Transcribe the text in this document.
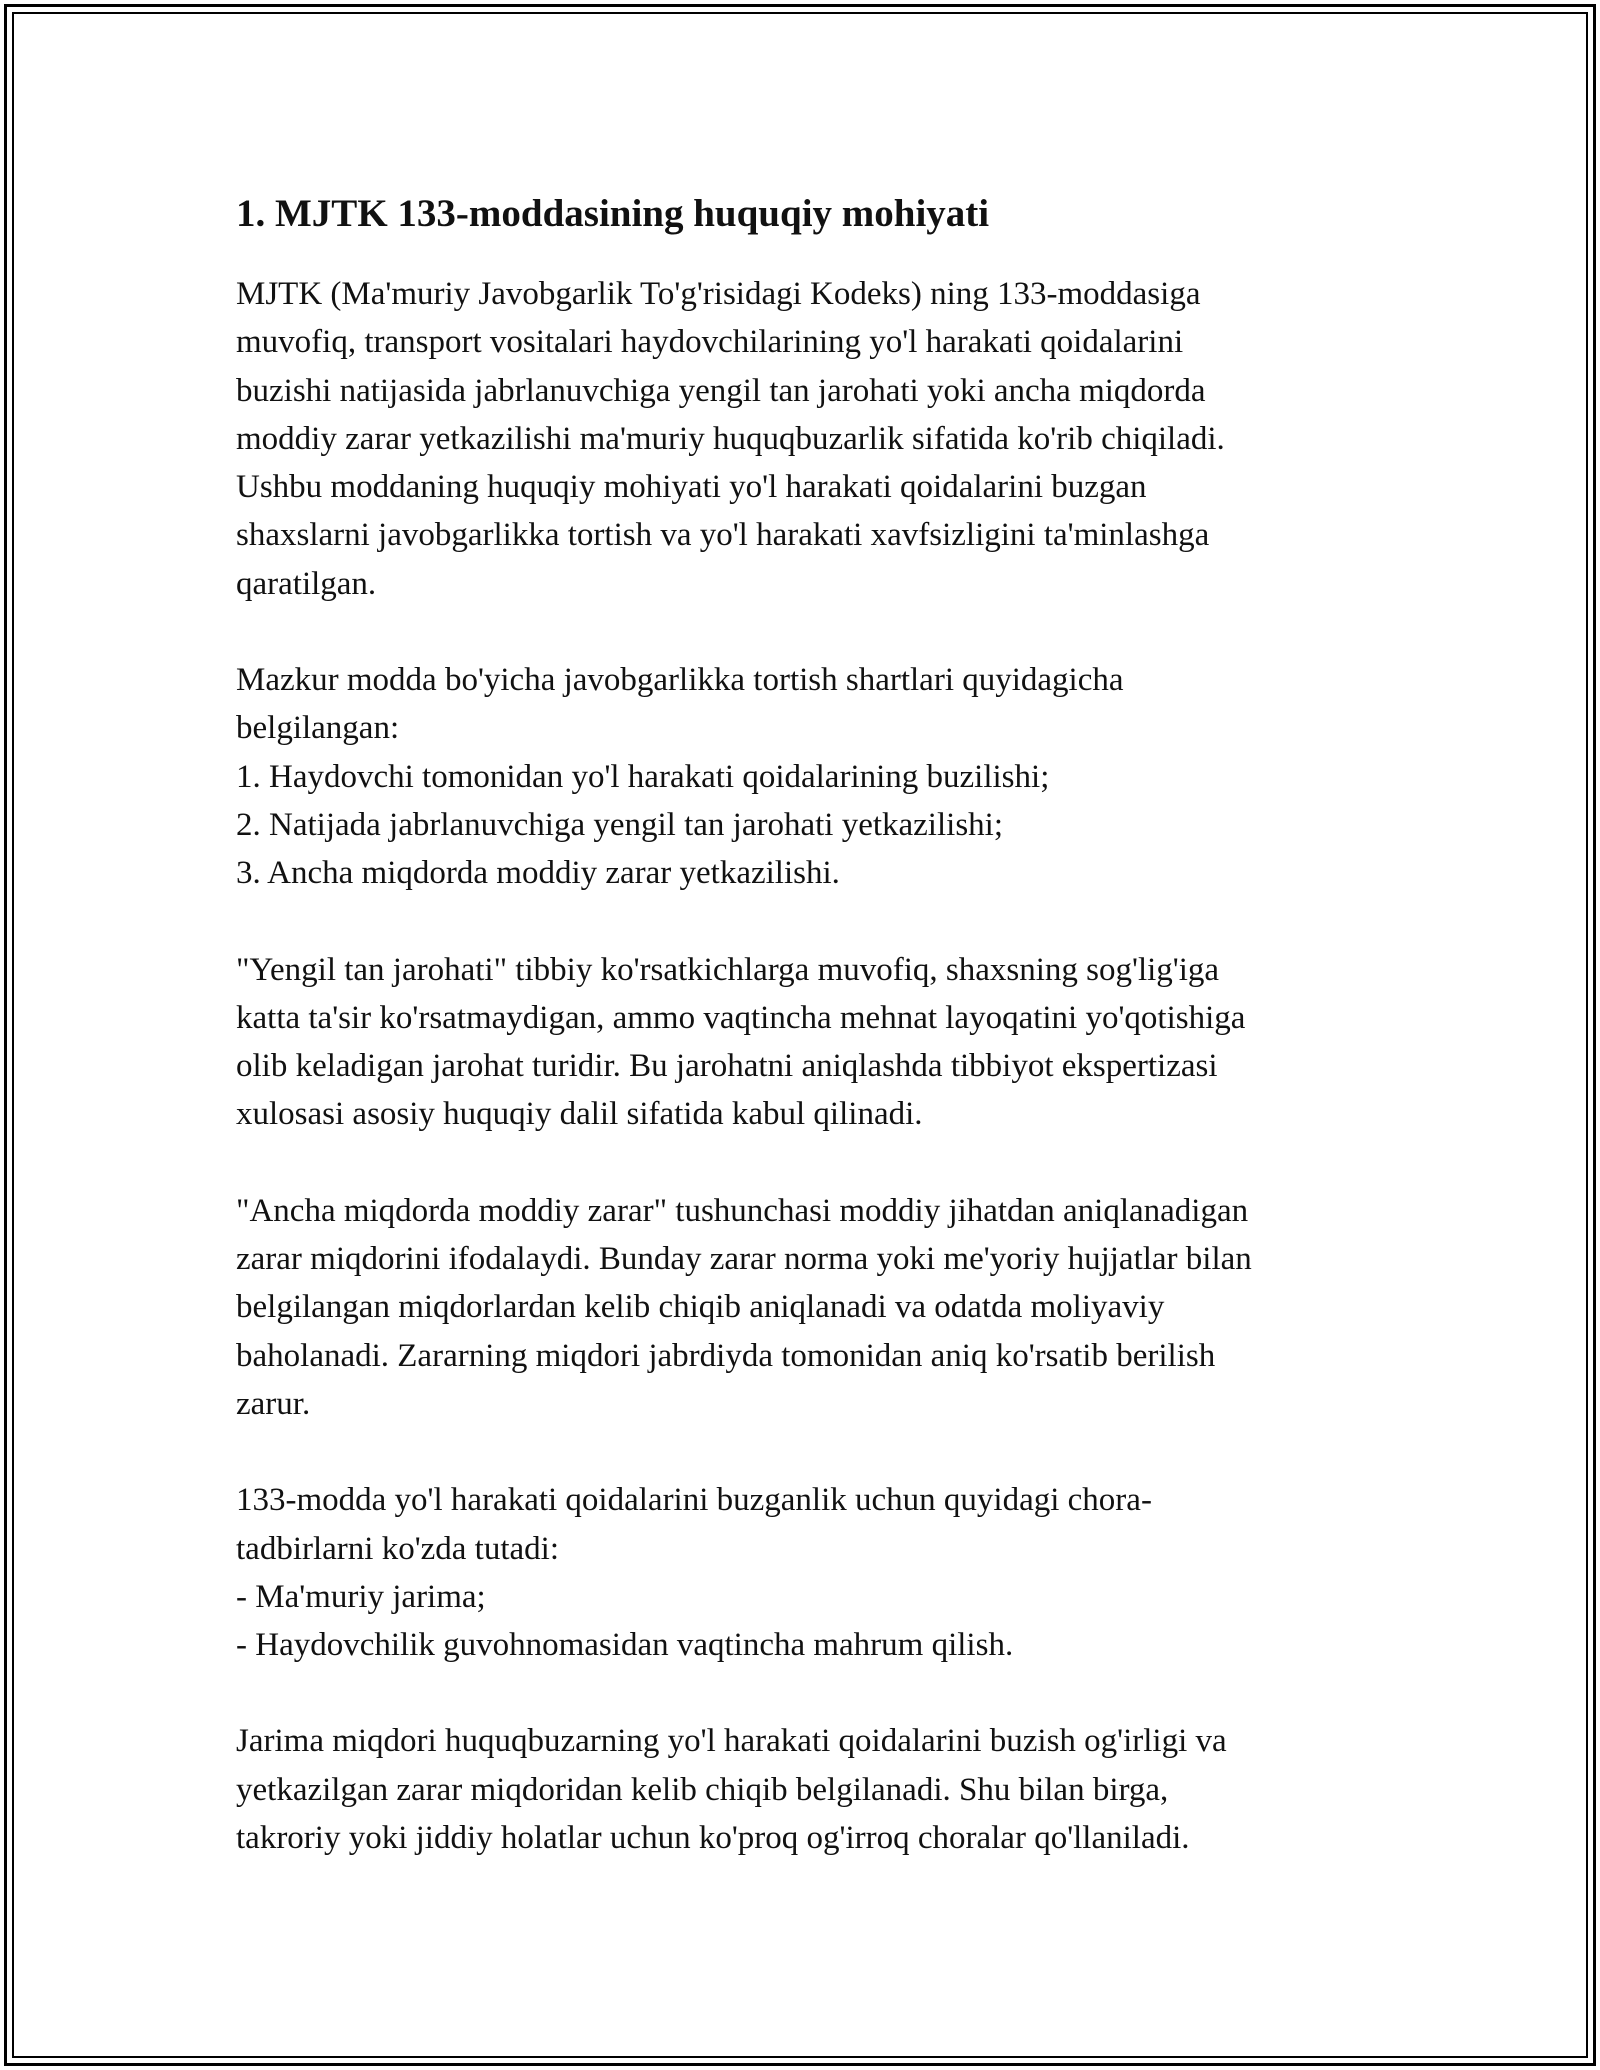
1. MJTK 133-moddasining huquqiy mohiyati
MJTK (Ma'muriy Javobgarlik To'g'risidagi Kodeks) ning 133-moddasiga
muvofiq, transport vositalari haydovchilarining yo'l harakati qoidalarini
buzishi natijasida jabrlanuvchiga yengil tan jarohati yoki ancha miqdorda
moddiy zarar yetkazilishi ma'muriy huquqbuzarlik sifatida ko'rib chiqiladi.
Ushbu moddaning huquqiy mohiyati yo'l harakati qoidalarini buzgan
shaxslarni javobgarlikka tortish va yo'l harakati xavfsizligini ta'minlashga
qaratilgan.
Mazkur modda bo'yicha javobgarlikka tortish shartlari quyidagicha
belgilangan:
1. Haydovchi tomonidan yo'l harakati qoidalarining buzilishi;
2. Natijada jabrlanuvchiga yengil tan jarohati yetkazilishi;
3. Ancha miqdorda moddiy zarar yetkazilishi.
"Yengil tan jarohati" tibbiy ko'rsatkichlarga muvofiq, shaxsning sog'lig'iga
katta ta'sir ko'rsatmaydigan, ammo vaqtincha mehnat layoqatini yo'qotishiga
olib keladigan jarohat turidir. Bu jarohatni aniqlashda tibbiyot ekspertizasi
xulosasi asosiy huquqiy dalil sifatida kabul qilinadi.
"Ancha miqdorda moddiy zarar" tushunchasi moddiy jihatdan aniqlanadigan
zarar miqdorini ifodalaydi. Bunday zarar norma yoki me'yoriy hujjatlar bilan
belgilangan miqdorlardan kelib chiqib aniqlanadi va odatda moliyaviy
baholanadi. Zararning miqdori jabrdiyda tomonidan aniq ko'rsatib berilish
zarur.
133-modda yo'l harakati qoidalarini buzganlik uchun quyidagi chora-
tadbirlarni ko'zda tutadi:
- Ma'muriy jarima;
- Haydovchilik guvohnomasidan vaqtincha mahrum qilish.
Jarima miqdori huquqbuzarning yo'l harakati qoidalarini buzish og'irligi va
yetkazilgan zarar miqdoridan kelib chiqib belgilanadi. Shu bilan birga,
takroriy yoki jiddiy holatlar uchun ko'proq og'irroq choralar qo'llaniladi.
